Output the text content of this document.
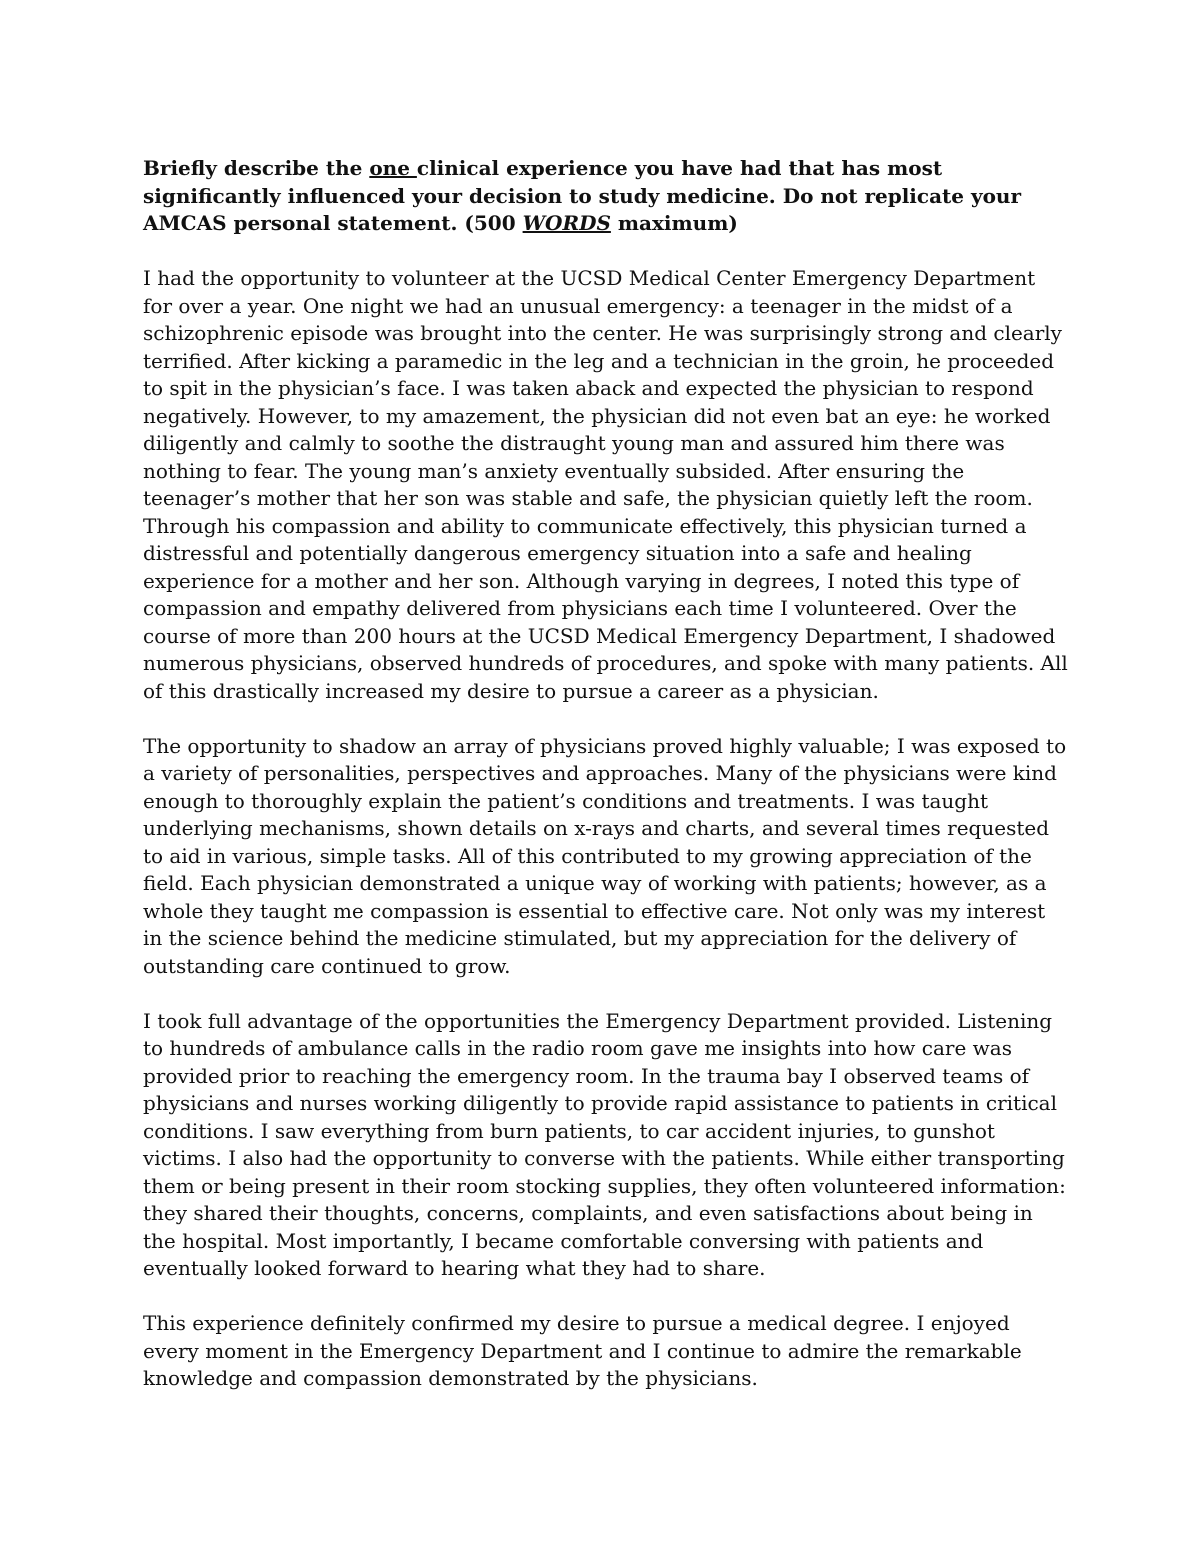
Briefly describe the one clinical experience you have had that has most significantly influenced your decision to study medicine. Do not replicate your AMCAS personal statement. (500 WORDS maximum)

I had the opportunity to volunteer at the UCSD Medical Center Emergency Department for over a year. One night we had an unusual emergency: a teenager in the midst of a schizophrenic episode was brought into the center. He was surprisingly strong and clearly terrified. After kicking a paramedic in the leg and a technician in the groin, he proceeded to spit in the physician’s face. I was taken aback and expected the physician to respond negatively. However, to my amazement, the physician did not even bat an eye: he worked diligently and calmly to soothe the distraught young man and assured him there was nothing to fear. The young man’s anxiety eventually subsided. After ensuring the teenager’s mother that her son was stable and safe, the physician quietly left the room. Through his compassion and ability to communicate effectively, this physician turned a distressful and potentially dangerous emergency situation into a safe and healing experience for a mother and her son. Although varying in degrees, I noted this type of compassion and empathy delivered from physicians each time I volunteered. Over the course of more than 200 hours at the UCSD Medical Emergency Department, I shadowed numerous physicians, observed hundreds of procedures, and spoke with many patients. All of this drastically increased my desire to pursue a career as a physician.

The opportunity to shadow an array of physicians proved highly valuable; I was exposed to a variety of personalities, perspectives and approaches. Many of the physicians were kind enough to thoroughly explain the patient’s conditions and treatments. I was taught underlying mechanisms, shown details on x-rays and charts, and several times requested to aid in various, simple tasks. All of this contributed to my growing appreciation of the field. Each physician demonstrated a unique way of working with patients; however, as a whole they taught me compassion is essential to effective care. Not only was my interest in the science behind the medicine stimulated, but my appreciation for the delivery of outstanding care continued to grow.

I took full advantage of the opportunities the Emergency Department provided. Listening to hundreds of ambulance calls in the radio room gave me insights into how care was provided prior to reaching the emergency room. In the trauma bay I observed teams of physicians and nurses working diligently to provide rapid assistance to patients in critical conditions. I saw everything from burn patients, to car accident injuries, to gunshot victims. I also had the opportunity to converse with the patients. While either transporting them or being present in their room stocking supplies, they often volunteered information: they shared their thoughts, concerns, complaints, and even satisfactions about being in the hospital. Most importantly, I became comfortable conversing with patients and eventually looked forward to hearing what they had to share.

This experience definitely confirmed my desire to pursue a medical degree. I enjoyed every moment in the Emergency Department and I continue to admire the remarkable knowledge and compassion demonstrated by the physicians.
